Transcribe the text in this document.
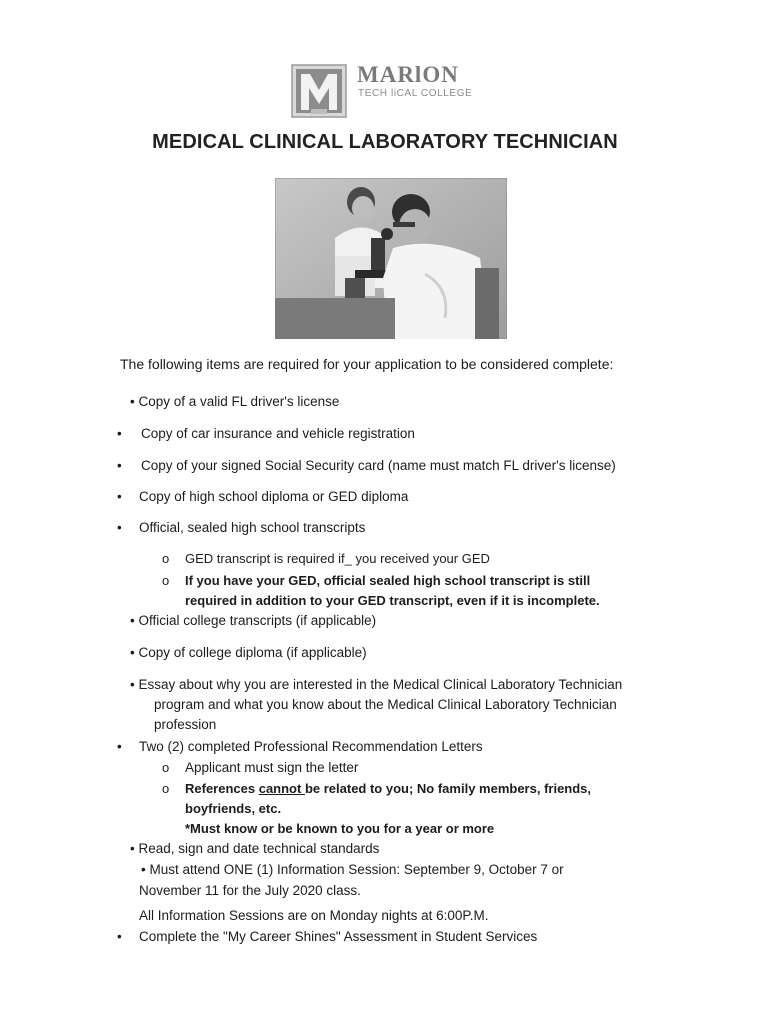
MARlON
TECH liCAL COLLEGE
MEDICAL CLINICAL LABORATORY TECHNICIAN
The following items are required for your application to be considered complete:
• Copy of a valid FL driver's license
• Copy of car insurance and vehicle registration
• Copy of your signed Social Security card (name must match FL driver's license)
• Copy of high school diploma or GED diploma
• Official, sealed high school transcripts
o GED transcript is required if_ you received your GED
o If you have your GED, official sealed high school transcript is still
required in addition to your GED transcript, even if it is incomplete.
• Official college transcripts (if applicable)
• Copy of college diploma (if applicable)
• Essay about why you are interested in the Medical Clinical Laboratory Technician
program and what you know about the Medical Clinical Laboratory Technician
profession
• Two (2) completed Professional Recommendation Letters
o Applicant must sign the letter
o References cannot be related to you; No family members, friends,
boyfriends, etc.
*Must know or be known to you for a year or more
• Read, sign and date technical standards
• Must attend ONE (1) Information Session: September 9, October 7 or
November 11 for the July 2020 class.
All Information Sessions are on Monday nights at 6:00P.M.
• Complete the "My Career Shines" Assessment in Student Services
